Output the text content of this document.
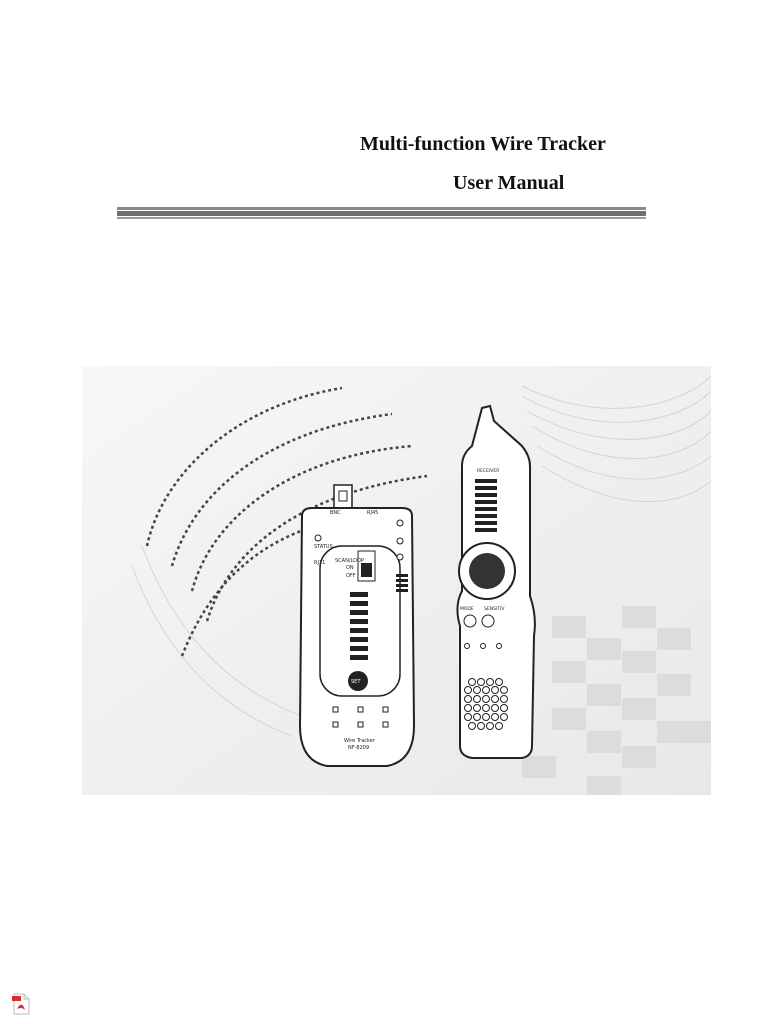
Multi-function Wire Tracker
User Manual
BNC	RJ45
STATUS
RJ11 SCAN/LOOP
ON
OFF
SET
Wire Tracker
NF-8209
RECEIVER
MODE SENSITIV
